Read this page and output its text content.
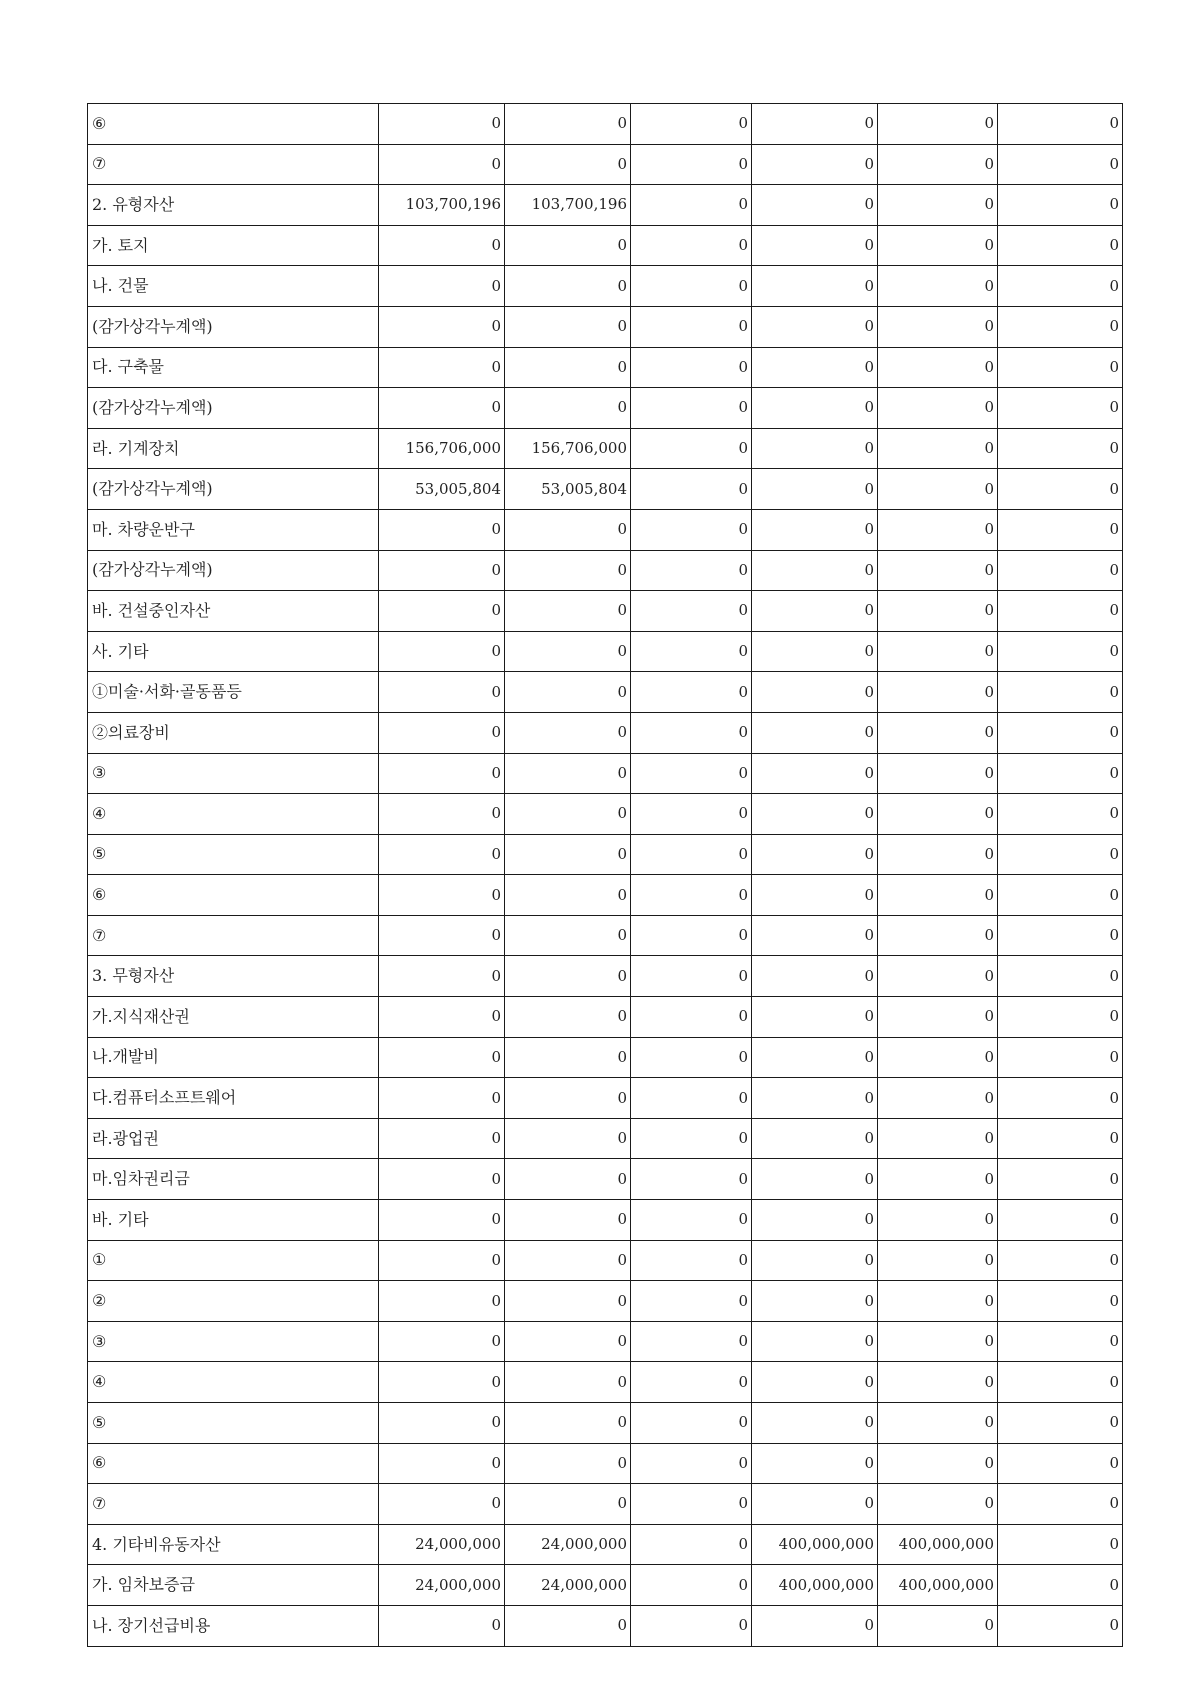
⑥	0	0	0	0	0	0
⑦	0	0	0	0	0	0
2. 유형자산	103,700,196	103,700,196	0	0	0	0
가. 토지	0	0	0	0	0	0
나. 건물	0	0	0	0	0	0
(감가상각누계액)	0	0	0	0	0	0
다. 구축물	0	0	0	0	0	0
(감가상각누계액)	0	0	0	0	0	0
라. 기계장치	156,706,000	156,706,000	0	0	0	0
(감가상각누계액)	53,005,804	53,005,804	0	0	0	0
마. 차량운반구	0	0	0	0	0	0
(감가상각누계액)	0	0	0	0	0	0
바. 건설중인자산	0	0	0	0	0	0
사. 기타	0	0	0	0	0	0
①미술·서화·골동품등	0	0	0	0	0	0
②의료장비	0	0	0	0	0	0
③	0	0	0	0	0	0
④	0	0	0	0	0	0
⑤	0	0	0	0	0	0
⑥	0	0	0	0	0	0
⑦	0	0	0	0	0	0
3. 무형자산	0	0	0	0	0	0
가.지식재산권	0	0	0	0	0	0
나.개발비	0	0	0	0	0	0
다.컴퓨터소프트웨어	0	0	0	0	0	0
라.광업권	0	0	0	0	0	0
마.임차권리금	0	0	0	0	0	0
바. 기타	0	0	0	0	0	0
①	0	0	0	0	0	0
②	0	0	0	0	0	0
③	0	0	0	0	0	0
④	0	0	0	0	0	0
⑤	0	0	0	0	0	0
⑥	0	0	0	0	0	0
⑦	0	0	0	0	0	0
4. 기타비유동자산	24,000,000	24,000,000	0	400,000,000	400,000,000	0
가. 임차보증금	24,000,000	24,000,000	0	400,000,000	400,000,000	0
나. 장기선급비용	0	0	0	0	0	0
